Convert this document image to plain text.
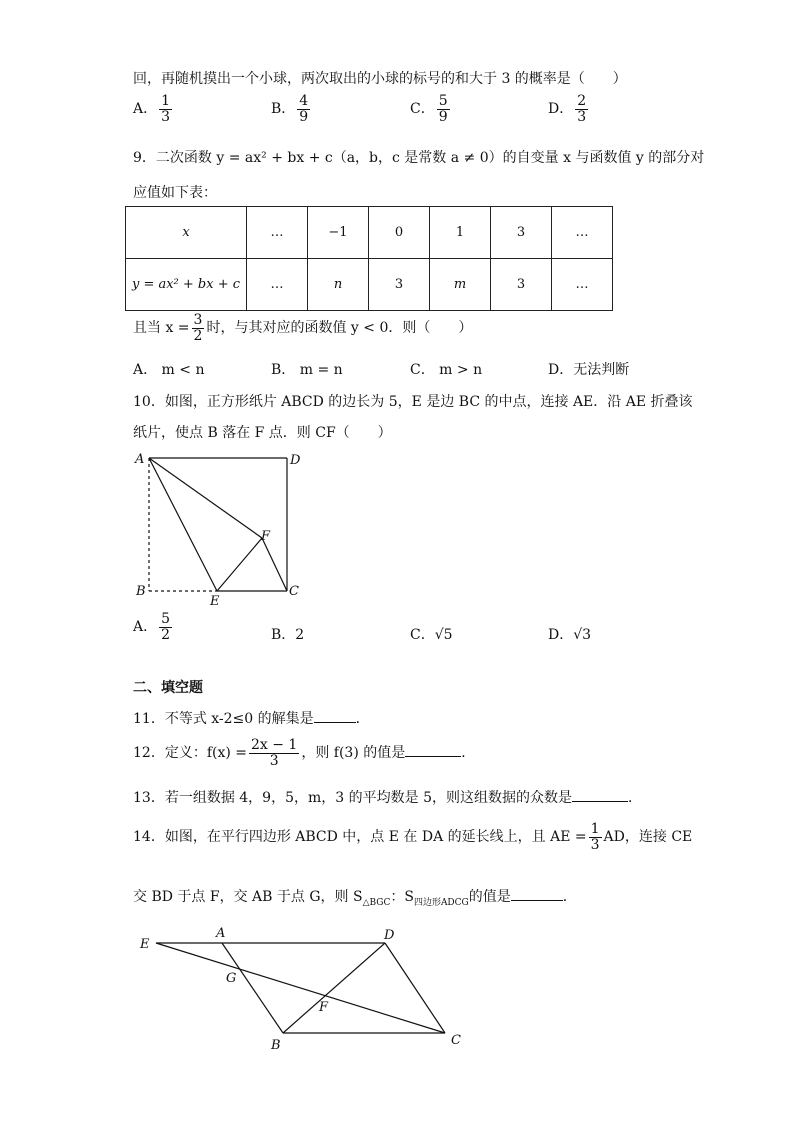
回，再随机摸出一个小球，两次取出的小球的标号的和大于 3 的概率是（　　）
A． $\frac{1}{3}$	B． $\frac{4}{9}$	C． $\frac{5}{9}$	D． $\frac{2}{3}$
9．二次函数 y = ax² + bx + c（a，b，c 是常数 a ≠ 0）的自变量 x 与函数值 y 的部分对
应值如下表：
x	…	−1	0	1	3	…
y = ax² + bx + c	…	n	3	m	3	…
且当 $x = \frac{3}{2}$ 时，与其对应的函数值 y < 0．则（　　）
A． m < n	B． m = n	C． m > n	D．无法判断
10．如图，正方形纸片 ABCD 的边长为 5，E 是边 BC 的中点，连接 AE．沿 AE 折叠该
纸片，使点 B 落在 F 点．则 CF（　　）
A	D
B
E
C
F
A． $\frac{5}{2}$	B．2	C．√5	D．√3
二、填空题
11．不等式 x-2≤0 的解集是	．
12．定义：$f(x) = \frac{2x - 1}{3}$ ，则 f(3) 的值是	．
13．若一组数据 4，9，5，m，3 的平均数是 5，则这组数据的众数是	．
14．如图，在平行四边形 ABCD 中，点 E 在 DA 的延长线上，且 AE = $\frac{1}{3}$ AD，连接 CE
交 BD 于点 F，交 AB 于点 G，则 $S_{\triangle BGC}$：$S_{四边形ADCG}$的值是	．
E
A	D
G
F
B	C
